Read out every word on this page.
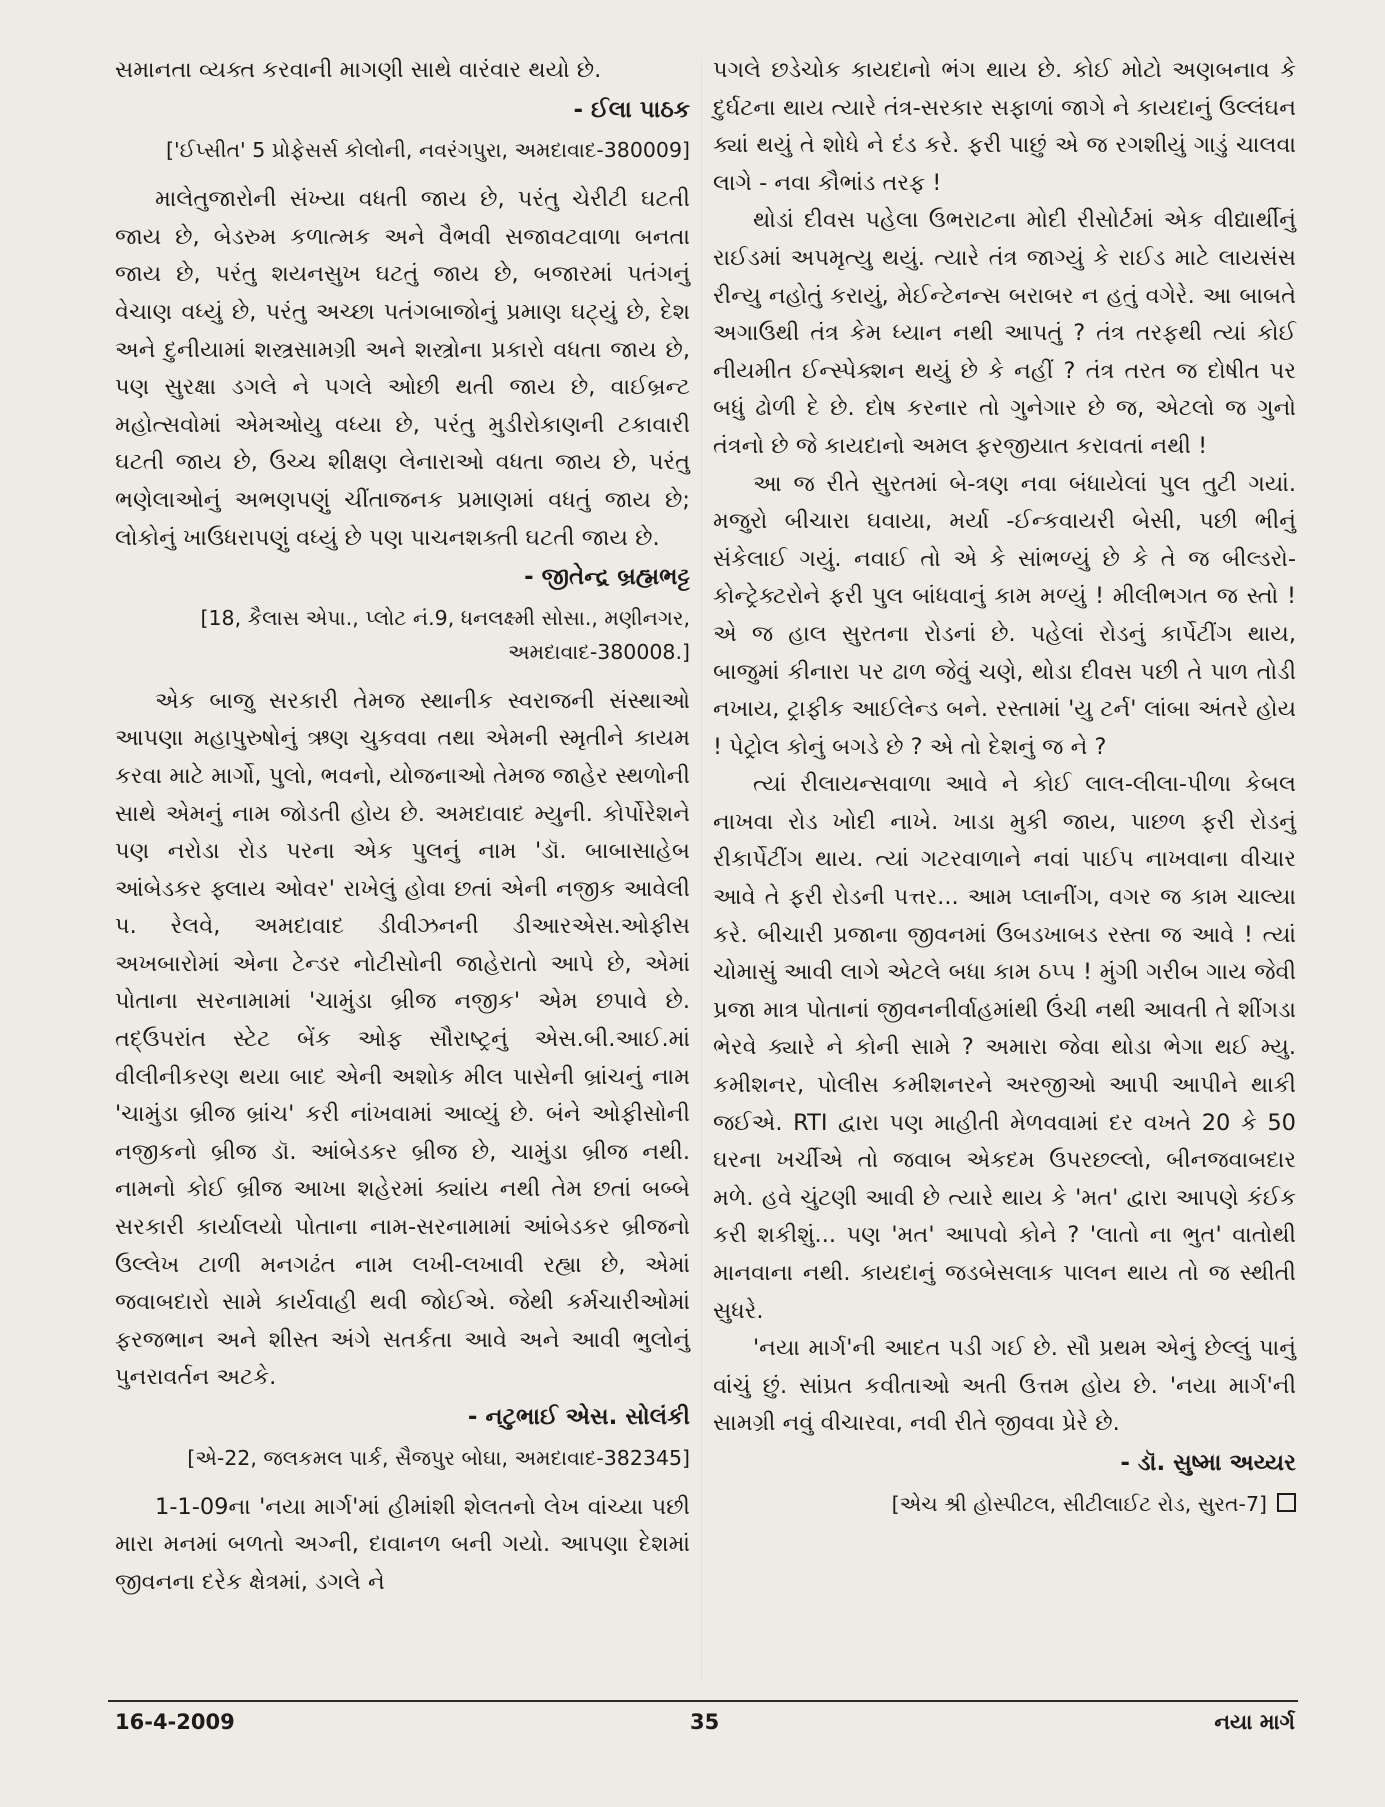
સમાનતા વ્યક્ત કરવાની માગણી સાથે વારંવાર થયો છે.

- ઈલા પાઠક
['ઈપ્સીત' 5 પ્રોફેસર્સ કોલોની, નવરંગપુરા, અમદાવાદ-380009]

માલેતુજારોની સંખ્યા વધતી જાય છે, પરંતુ ચેરીટી ઘટતી જાય છે, બેડરુમ કળાત્મક અને વૈભવી સજાવટવાળા બનતા જાય છે, પરંતુ શયનસુખ ઘટતું જાય છે, બજારમાં પતંગનું વેચાણ વધ્યું છે, પરંતુ અચ્છા પતંગબાજોનું પ્રમાણ ઘટ્યું છે, દેશ અને દુનીયામાં શસ્ત્રસામગ્રી અને શસ્ત્રોના પ્રકારો વધતા જાય છે, પણ સુરક્ષા ડગલે ને પગલે ઓછી થતી જાય છે, વાઈબ્રન્ટ મહોત્સવોમાં એમઓયુ વધ્યા છે, પરંતુ મુડીરોકાણની ટકાવારી ઘટતી જાય છે, ઉચ્ચ શીક્ષણ લેનારાઓ વધતા જાય છે, પરંતુ ભણેલાઓનું અભણપણું ચીંતાજનક પ્રમાણમાં વધતું જાય છે; લોકોનું ખાઉધરાપણું વધ્યું છે પણ પાચનશક્તી ઘટતી જાય છે.

- જીતેન્દ્ર બ્રહ્મભટ્ટ
[18, કૈલાસ એપા., પ્લોટ નં.9, ધનલક્ષ્મી સોસા., મણીનગર,
અમદાવાદ-380008.]

એક બાજુ સરકારી તેમજ સ્થાનીક સ્વરાજની સંસ્થાઓ આપણા મહાપુરુષોનું ઋણ ચુકવવા તથા એમની સ્મૃતીને કાયમ કરવા માટે માર્ગો, પુલો, ભવનો, યોજનાઓ તેમજ જાહેર સ્થળોની સાથે એમનું નામ જોડતી હોય છે. અમદાવાદ મ્યુની. કોર્પોરેશને પણ નરોડા રોડ પરના એક પુલનું નામ 'ડૉ. બાબાસાહેબ આંબેડકર ફ્લાય ઓવર' રાખેલું હોવા છતાં એની નજીક આવેલી પ. રેલવે, અમદાવાદ ડીવીઝનની ડીઆરએસ.ઓફીસ અખબારોમાં એના ટેન્ડર નોટીસોની જાહેરાતો આપે છે, એમાં પોતાના સરનામામાં 'ચામુંડા બ્રીજ નજીક' એમ છપાવે છે. તદ્ઉપરાંત સ્ટેટ બેંક ઓફ સૌરાષ્ટ્રનું એસ.બી.આઈ.માં વીલીનીકરણ થયા બાદ એની અશોક મીલ પાસેની બ્રાંચનું નામ 'ચામુંડા બ્રીજ બ્રાંચ' કરી નાંખવામાં આવ્યું છે. બંને ઓફીસોની નજીકનો બ્રીજ ડૉ. આંબેડકર બ્રીજ છે, ચામુંડા બ્રીજ નથી. નામનો કોઈ બ્રીજ આખા શહેરમાં ક્યાંય નથી તેમ છતાં બબ્બે સરકારી કાર્યાલયો પોતાના નામ-સરનામામાં આંબેડકર બ્રીજનો ઉલ્લેખ ટાળી મનગઢંત નામ લખી-લખાવી રહ્યા છે, એમાં જવાબદારો સામે કાર્યવાહી થવી જોઈએ. જેથી કર્મચારીઓમાં ફરજભાન અને શીસ્ત અંગે સતર્કતા આવે અને આવી ભુલોનું પુનરાવર્તન અટકે.

- નટુભાઈ એસ. સોલંકી
[એ-22, જલકમલ પાર્ક, સૈજપુર બોઘા, અમદાવાદ-382345]

1-1-09ના 'નયા માર્ગ'માં હીમાંશી શેલતનો લેખ વાંચ્યા પછી મારા મનમાં બળતો અગ્ની, દાવાનળ બની ગયો. આપણા દેશમાં જીવનના દરેક ક્ષેત્રમાં, ડગલે ને

પગલે છડેચોક કાયદાનો ભંગ થાય છે. કોઈ મોટો અણબનાવ કે દુર્ઘટના થાય ત્યારે તંત્ર-સરકાર સફાળાં જાગે ને કાયદાનું ઉલ્લંઘન ક્યાં થયું તે શોધે ને દંડ કરે. ફરી પાછું એ જ રગશીયું ગાડું ચાલવા લાગે - નવા કૌભાંડ તરફ !

થોડાં દીવસ પહેલા ઉભરાટના મોદી રીસોર્ટમાં એક વીદ્યાર્થીનું રાઈડમાં અપમૃત્યુ થયું. ત્યારે તંત્ર જાગ્યું કે રાઈડ માટે લાયસંસ રીન્યુ નહોતું કરાયું, મેઈન્ટેનન્સ બરાબર ન હતું વગેરે. આ બાબતે અગાઉથી તંત્ર કેમ ધ્યાન નથી આપતું ? તંત્ર તરફથી ત્યાં કોઈ નીયમીત ઈન્સ્પેક્શન થયું છે કે નહીં ? તંત્ર તરત જ દોષીત પર બધું ઢોળી દે છે. દોષ કરનાર તો ગુનેગાર છે જ, એટલો જ ગુનો તંત્રનો છે જે કાયદાનો અમલ ફરજીયાત કરાવતાં નથી !

આ જ રીતે સુરતમાં બે-ત્રણ નવા બંધાયેલાં પુલ તુટી ગયાં. મજુરો બીચારા ઘવાયા, મર્યા -ઈન્કવાયરી બેસી, પછી ભીનું સંકેલાઈ ગયું. નવાઈ તો એ કે સાંભળ્યું છે કે તે જ બીલ્ડરો- કોન્ટ્રેક્ટરોને ફરી પુલ બાંધવાનું કામ મળ્યું ! મીલીભગત જ સ્તો ! એ જ હાલ સુરતના રોડનાં છે. પહેલાં રોડનું કાર્પેટીંગ થાય, બાજુમાં કીનારા પર ઢાળ જેવું ચણે, થોડા દીવસ પછી તે પાળ તોડી નખાય, ટ્રાફીક આઈલેન્ડ બને. રસ્તામાં 'યુ ટર્ન' લાંબા અંતરે હોય ! પેટ્રોલ કોનું બગડે છે ? એ તો દેશનું જ ને ?

ત્યાં રીલાયન્સવાળા આવે ને કોઈ લાલ-લીલા-પીળા કેબલ નાખવા રોડ ખોદી નાખે. ખાડા મુકી જાય, પાછળ ફરી રોડનું રીકાર્પેટીંગ થાય. ત્યાં ગટરવાળાને નવાં પાઈપ નાખવાના વીચાર આવે તે ફરી રોડની પત્તર... આમ પ્લાનીંગ, વગર જ કામ ચાલ્યા કરે. બીચારી પ્રજાના જીવનમાં ઉબડખાબડ રસ્તા જ આવે ! ત્યાં ચોમાસું આવી લાગે એટલે બધા કામ ઠપ્પ ! મુંગી ગરીબ ગાય જેવી પ્રજા માત્ર પોતાનાં જીવનનીર્વાહમાંથી ઉંચી નથી આવતી તે શીંગડા ભેરવે ક્યારે ને કોની સામે ? અમારા જેવા થોડા ભેગા થઈ મ્યુ. કમીશનર, પોલીસ કમીશનરને અરજીઓ આપી આપીને થાકી જઈએ. RTI દ્વારા પણ માહીતી મેળવવામાં દર વખતે 20 કે 50 ઘરના ખર્ચીએ તો જવાબ એકદમ ઉપરછલ્લો, બીનજવાબદાર મળે. હવે ચુંટણી આવી છે ત્યારે થાય કે 'મત' દ્વારા આપણે કંઈક કરી શકીશું... પણ 'મત' આપવો કોને ? 'લાતો ના ભુત' વાતોથી માનવાના નથી. કાયદાનું જડબેસલાક પાલન થાય તો જ સ્થીતી સુધરે.

'નયા માર્ગ'ની આદત પડી ગઈ છે. સૌ પ્રથમ એનું છેલ્લું પાનું વાંચું છું. સાંપ્રત કવીતાઓ અતી ઉત્તમ હોય છે. 'નયા માર્ગ'ની સામગ્રી નવું વીચારવા, નવી રીતે જીવવા પ્રેરે છે.

- ડૉ. સુષ્મા અય્યર
[એચ શ્રી હોસ્પીટલ, સીટીલાઈટ રોડ, સુરત-7]
16-4-2009	35	નયા માર્ગ
